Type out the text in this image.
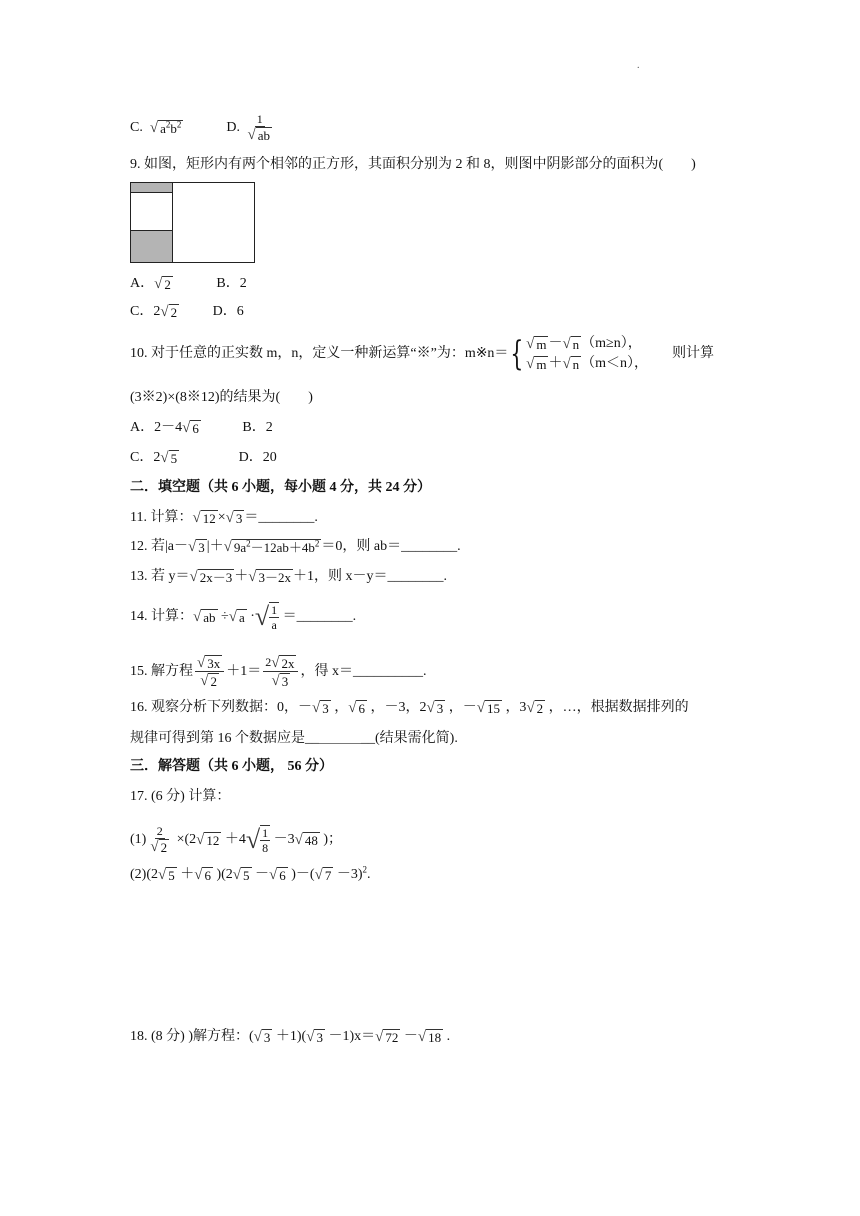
.
C. √ $a^2b^2$	D. $\frac{1}{√ ab}$
9. 如图，矩形内有两个相邻的正方形，其面积分别为 2 和 8，则图中阴影部分的面积为(　　)
A． √ 2	B．2
C．2 √ 2	D．6
10. 对于任意的正实数 m，n，定义一种新运算“※”为：m※n＝{ √ m － √ n （m≥n），
√ m ＋ √ n （m＜n），
则计算
(3※2)×(8※12)的结果为(　　)
A．2－4 √ 6	B．2
C．2 √ 5	D．20
二．填空题（共 6 小题，每小题 4 分，共 24 分）
11. 计算： √ 12 × √ 3 ＝________.
12. 若|a－ √ 3 |＋ √ $9a^2-12ab+4b^2 =0$，则 ab＝________.
13. 若 y＝ √ 2x－3 ＋ √ 3－2x ＋1，则 x－y＝________.
14. 计算： √ ab ÷ √ a · √ $\frac{1}{a}$ ＝________.
15. 解方程 $\frac{√ 3x}{√ 2} +1= \frac{2 √ 2x}{√ 3}$ ，得 x＝__________.
16. 观察分析下列数据：0，－ √ 3 ， √ 6 ，－3，2 √ 3 ，－ √ 15 ，3 √ 2 ，…，根据数据排列的
规律可得到第 16 个数据应是__＿＿＿__(结果需化简).
三．解答题（共 6 小题， 56 分）
17. (6 分) 计算：
$(1) \frac{2}{√ 2} \times(2$ √ 12 ＋4 √ $\frac{1}{8} -3$ √ 48 )；
(2)(2 √ 5 ＋ √ 6 )(2 √ 5 － √ 6 )－( √ 7 －3)$^2$.
18. (8 分) )解方程：( √ 3 ＋1)( √ 3 －1)x＝ √ 72 － √ 18 .
